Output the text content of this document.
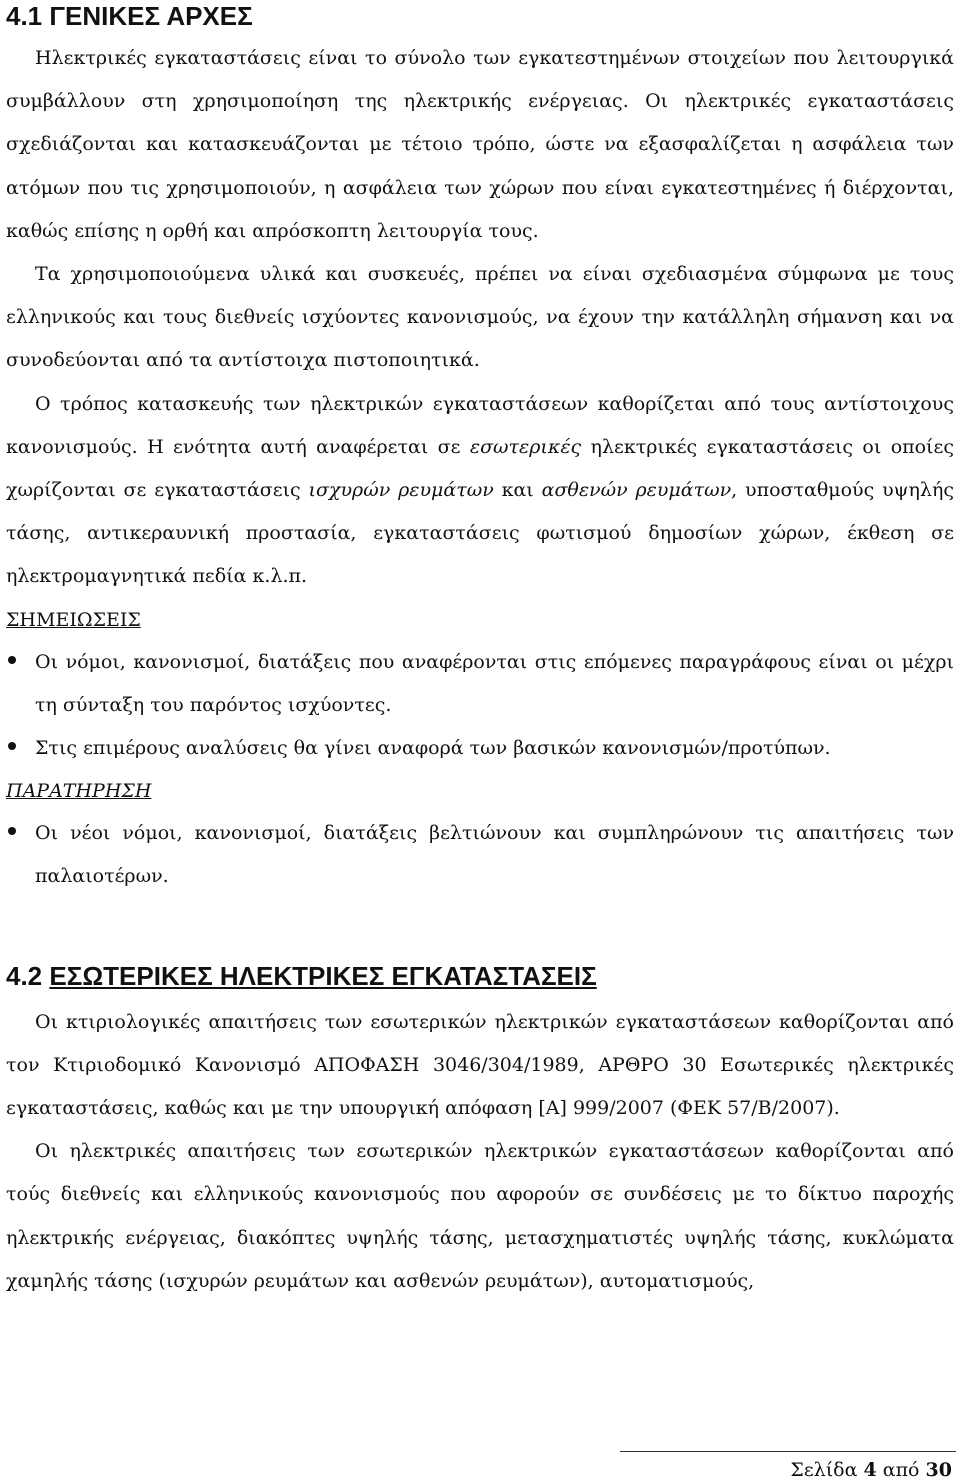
4.1 ΓΕΝΙΚΕΣ ΑΡΧΕΣ

Ηλεκτρικές εγκαταστάσεις είναι το σύνολο των εγκατεστημένων στοιχείων που λειτουργικά συμβάλλουν στη χρησιμοποίηση της ηλεκτρικής ενέργειας. Οι ηλεκτρικές εγκαταστάσεις σχεδιάζονται και κατασκευάζονται με τέτοιο τρόπο, ώστε να εξασφαλίζεται η ασφάλεια των ατόμων που τις χρησιμοποιούν, η ασφάλεια των χώρων που είναι εγκατεστημένες ή διέρχονται, καθώς επίσης η ορθή και απρόσκοπτη λειτουργία τους.

Τα χρησιμοποιούμενα υλικά και συσκευές, πρέπει να είναι σχεδιασμένα σύμφωνα με τους ελληνικούς και τους διεθνείς ισχύοντες κανονισμούς, να έχουν την κατάλληλη σήμανση και να συνοδεύονται από τα αντίστοιχα πιστοποιητικά.

Ο τρόπος κατασκευής των ηλεκτρικών εγκαταστάσεων καθορίζεται από τους αντίστοιχους κανονισμούς. Η ενότητα αυτή αναφέρεται σε εσωτερικές ηλεκτρικές εγκαταστάσεις οι οποίες χωρίζονται σε εγκαταστάσεις ισχυρών ρευμάτων και ασθενών ρευμάτων, υποσταθμούς υψηλής τάσης, αντικεραυνική προστασία, εγκαταστάσεις φωτισμού δημοσίων χώρων, έκθεση σε ηλεκτρομαγνητικά πεδία κ.λ.π.

ΣΗΜΕΙΩΣΕΙΣ
Οι νόμοι, κανονισμοί, διατάξεις που αναφέρονται στις επόμενες παραγράφους είναι οι μέχρι τη σύνταξη του παρόντος ισχύοντες.
Στις επιμέρους αναλύσεις θα γίνει αναφορά των βασικών κανονισμών/προτύπων.
ΠΑΡΑΤΗΡΗΣΗ
Οι νέοι νόμοι, κανονισμοί, διατάξεις βελτιώνουν και συμπληρώνουν τις απαιτήσεις των παλαιοτέρων.
4.2 ΕΣΩΤΕΡΙΚΕΣ ΗΛΕΚΤΡΙΚΕΣ ΕΓΚΑΤΑΣΤΑΣΕΙΣ

Οι κτιριολογικές απαιτήσεις των εσωτερικών ηλεκτρικών εγκαταστάσεων καθορίζονται από τον Κτιριοδομικό Κανονισμό ΑΠΟΦΑΣΗ 3046/304/1989, ΑΡΘΡΟ 30 Εσωτερικές ηλεκτρικές εγκαταστάσεις, καθώς και με την υπουργική απόφαση [Α] 999/2007 (ΦΕΚ 57/Β/2007).

Οι ηλεκτρικές απαιτήσεις των εσωτερικών ηλεκτρικών εγκαταστάσεων καθορίζονται από τούς διεθνείς και ελληνικούς κανονισμούς που αφορούν σε συνδέσεις με το δίκτυο παροχής ηλεκτρικής ενέργειας, διακόπτες υψηλής τάσης, μετασχηματιστές υψηλής τάσης, κυκλώματα χαμηλής τάσης (ισχυρών ρευμάτων και ασθενών ρευμάτων), αυτοματισμούς,

Σελίδα 4 από 30
